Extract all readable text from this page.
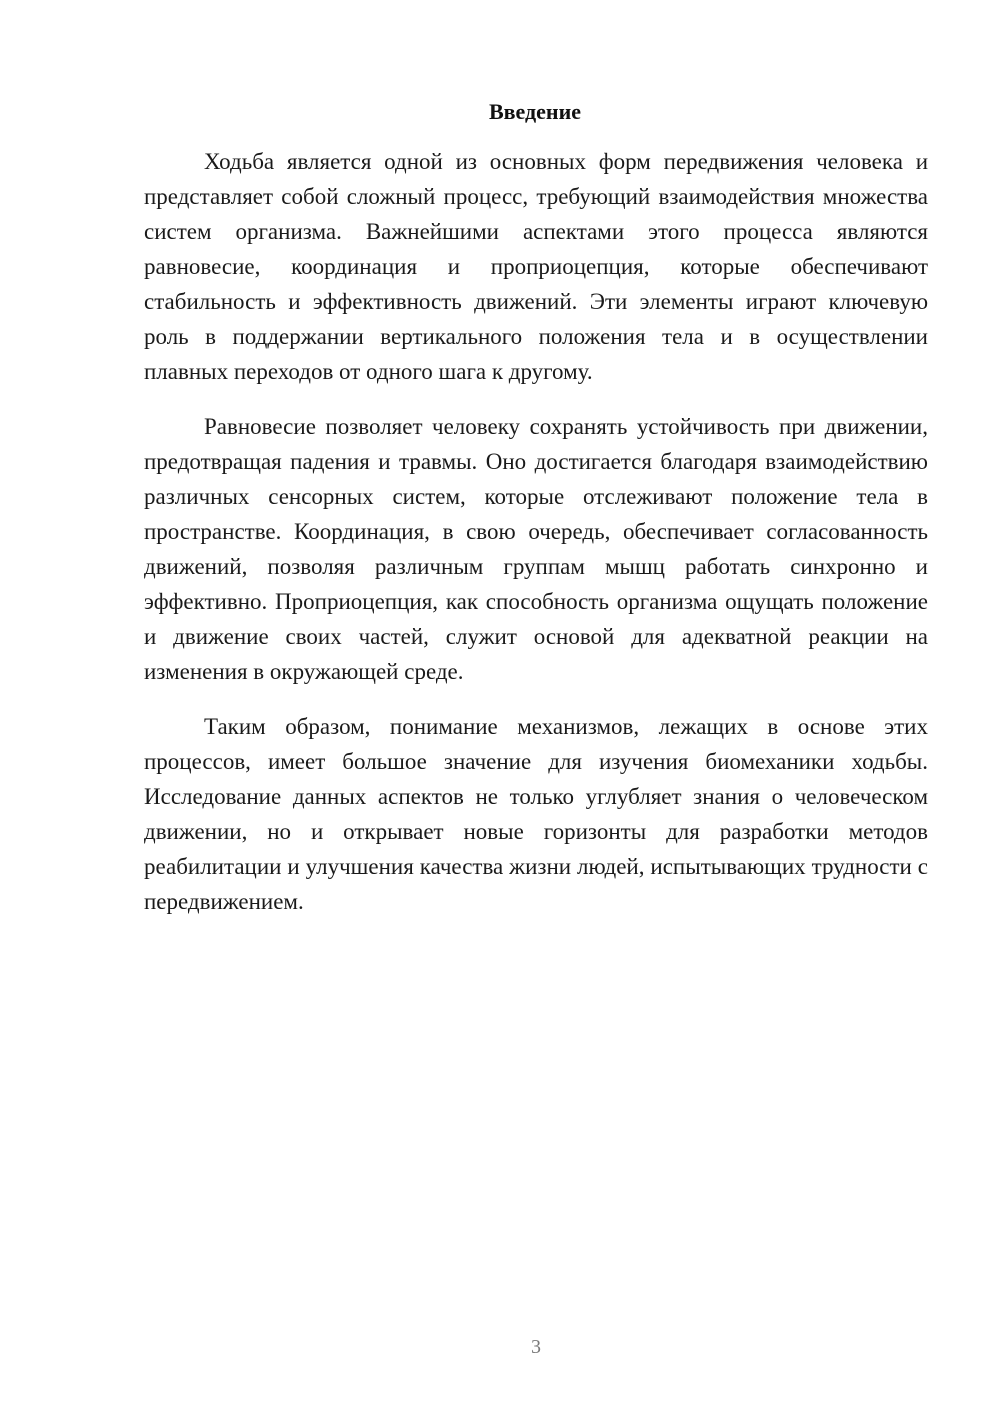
Введение

Ходьба является одной из основных форм передвижения человека и представляет собой сложный процесс, требующий взаимодействия множества систем организма. Важнейшими аспектами этого процесса являются равновесие, координация и проприоцепция, которые обеспечивают стабильность и эффективность движений. Эти элементы играют ключевую роль в поддержании вертикального положения тела и в осуществлении плавных переходов от одного шага к другому.

Равновесие позволяет человеку сохранять устойчивость при движении, предотвращая падения и травмы. Оно достигается благодаря взаимодействию различных сенсорных систем, которые отслеживают положение тела в пространстве. Координация, в свою очередь, обеспечивает согласованность движений, позволяя различным группам мышц работать синхронно и эффективно. Проприоцепция, как способность организма ощущать положение и движение своих частей, служит основой для адекватной реакции на изменения в окружающей среде.

Таким образом, понимание механизмов, лежащих в основе этих процессов, имеет большое значение для изучения биомеханики ходьбы. Исследование данных аспектов не только углубляет знания о человеческом движении, но и открывает новые горизонты для разработки методов реабилитации и улучшения качества жизни людей, испытывающих трудности с передвижением.

3
